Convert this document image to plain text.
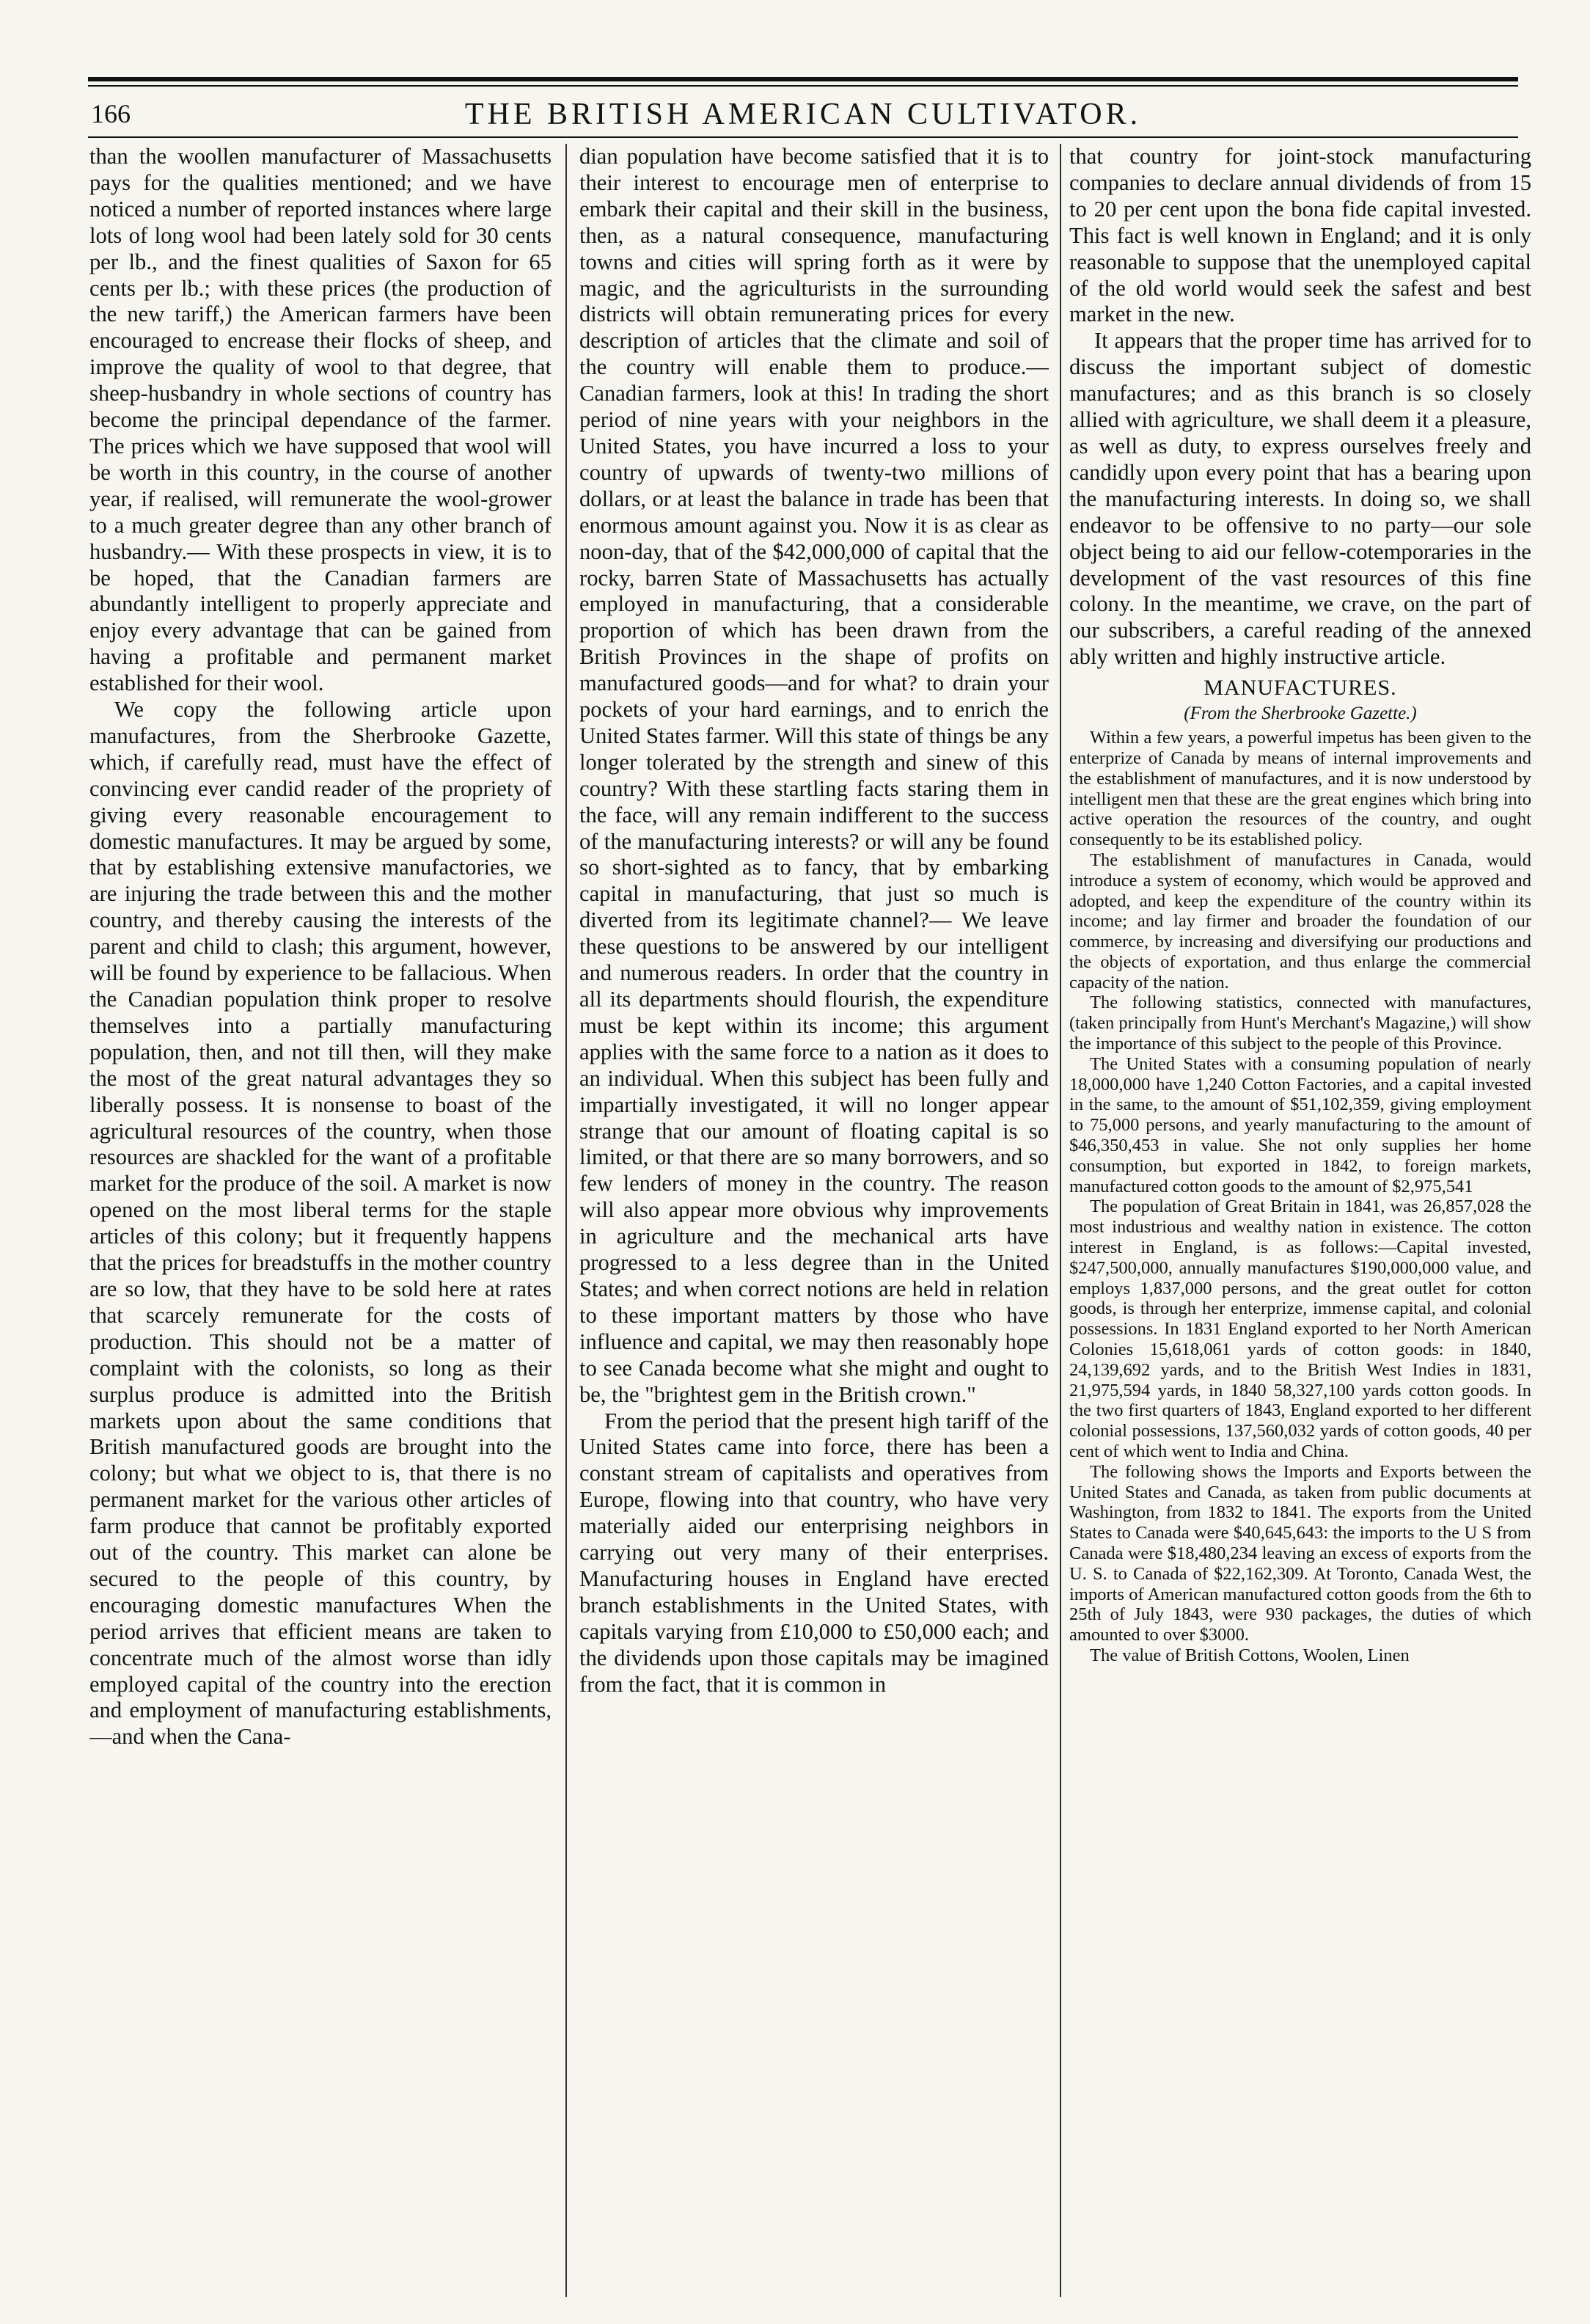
166	THE BRITISH AMERICAN CULTIVATOR.

than the woollen manufacturer of Massachusetts pays for the qualities mentioned; and we have noticed a number of reported instances where large lots of long wool had been lately sold for 30 cents per lb., and the finest qualities of Saxon for 65 cents per lb.; with these prices (the production of the new tariff,) the American farmers have been encouraged to encrease their flocks of sheep, and improve the quality of wool to that degree, that sheep-husbandry in whole sections of country has become the principal dependance of the farmer. The prices which we have supposed that wool will be worth in this country, in the course of another year, if realised, will remunerate the wool-grower to a much greater degree than any other branch of husbandry.— With these prospects in view, it is to be hoped, that the Canadian farmers are abundantly intelligent to properly appreciate and enjoy every advantage that can be gained from having a profitable and permanent market established for their wool.

We copy the following article upon manufactures, from the Sherbrooke Gazette, which, if carefully read, must have the effect of convincing ever candid reader of the propriety of giving every reasonable encouragement to domestic manufactures. It may be argued by some, that by establishing extensive manufactories, we are injuring the trade between this and the mother country, and thereby causing the interests of the parent and child to clash; this argument, however, will be found by experience to be fallacious. When the Canadian population think proper to resolve themselves into a partially manufacturing population, then, and not till then, will they make the most of the great natural advantages they so liberally possess. It is nonsense to boast of the agricultural resources of the country, when those resources are shackled for the want of a profitable market for the produce of the soil. A market is now opened on the most liberal terms for the staple articles of this colony; but it frequently happens that the prices for breadstuffs in the mother country are so low, that they have to be sold here at rates that scarcely remunerate for the costs of production. This should not be a matter of complaint with the colonists, so long as their surplus produce is admitted into the British markets upon about the same conditions that British manufactured goods are brought into the colony; but what we object to is, that there is no permanent market for the various other articles of farm produce that cannot be profitably exported out of the country. This market can alone be secured to the people of this country, by encouraging domestic manufactures When the period arrives that efficient means are taken to concentrate much of the almost worse than idly employed capital of the country into the erection and employment of manufacturing establishments,—and when the Cana-

dian population have become satisfied that it is to their interest to encourage men of enterprise to embark their capital and their skill in the business, then, as a natural consequence, manufacturing towns and cities will spring forth as it were by magic, and the agriculturists in the surrounding districts will obtain remunerating prices for every description of articles that the climate and soil of the country will enable them to produce.— Canadian farmers, look at this! In trading the short period of nine years with your neighbors in the United States, you have incurred a loss to your country of upwards of twenty-two millions of dollars, or at least the balance in trade has been that enormous amount against you. Now it is as clear as noon-day, that of the $42,000,000 of capital that the rocky, barren State of Massachusetts has actually employed in manufacturing, that a considerable proportion of which has been drawn from the British Provinces in the shape of profits on manufactured goods—and for what? to drain your pockets of your hard earnings, and to enrich the United States farmer. Will this state of things be any longer tolerated by the strength and sinew of this country? With these startling facts staring them in the face, will any remain indifferent to the success of the manufacturing interests? or will any be found so short-sighted as to fancy, that by embarking capital in manufacturing, that just so much is diverted from its legitimate channel?— We leave these questions to be answered by our intelligent and numerous readers. In order that the country in all its departments should flourish, the expenditure must be kept within its income; this argument applies with the same force to a nation as it does to an individual. When this subject has been fully and impartially investigated, it will no longer appear strange that our amount of floating capital is so limited, or that there are so many borrowers, and so few lenders of money in the country. The reason will also appear more obvious why improvements in agriculture and the mechanical arts have progressed to a less degree than in the United States; and when correct notions are held in relation to these important matters by those who have influence and capital, we may then reasonably hope to see Canada become what she might and ought to be, the "brightest gem in the British crown."

From the period that the present high tariff of the United States came into force, there has been a constant stream of capitalists and operatives from Europe, flowing into that country, who have very materially aided our enterprising neighbors in carrying out very many of their enterprises. Manufacturing houses in England have erected branch establishments in the United States, with capitals varying from £10,000 to £50,000 each; and the dividends upon those capitals may be imagined from the fact, that it is common in

that country for joint-stock manufacturing companies to declare annual dividends of from 15 to 20 per cent upon the bona fide capital invested. This fact is well known in England; and it is only reasonable to suppose that the unemployed capital of the old world would seek the safest and best market in the new.

It appears that the proper time has arrived for to discuss the important subject of domestic manufactures; and as this branch is so closely allied with agriculture, we shall deem it a pleasure, as well as duty, to express ourselves freely and candidly upon every point that has a bearing upon the manufacturing interests. In doing so, we shall endeavor to be offensive to no party—our sole object being to aid our fellow-cotemporaries in the development of the vast resources of this fine colony. In the meantime, we crave, on the part of our subscribers, a careful reading of the annexed ably written and highly instructive article.

MANUFACTURES.
(From the Sherbrooke Gazette.)

Within a few years, a powerful impetus has been given to the enterprize of Canada by means of internal improvements and the establishment of manufactures, and it is now understood by intelligent men that these are the great engines which bring into active operation the resources of the country, and ought consequently to be its established policy.

The establishment of manufactures in Canada, would introduce a system of economy, which would be approved and adopted, and keep the expenditure of the country within its income; and lay firmer and broader the foundation of our commerce, by increasing and diversifying our productions and the objects of exportation, and thus enlarge the commercial capacity of the nation.

The following statistics, connected with manufactures, (taken principally from Hunt's Merchant's Magazine,) will show the importance of this subject to the people of this Province.

The United States with a consuming population of nearly 18,000,000 have 1,240 Cotton Factories, and a capital invested in the same, to the amount of $51,102,359, giving employment to 75,000 persons, and yearly manufacturing to the amount of $46,350,453 in value. She not only supplies her home consumption, but exported in 1842, to foreign markets, manufactured cotton goods to the amount of $2,975,541

The population of Great Britain in 1841, was 26,857,028 the most industrious and wealthy nation in existence. The cotton interest in England, is as follows:—Capital invested, $247,500,000, annually manufactures $190,000,000 value, and employs 1,837,000 persons, and the great outlet for cotton goods, is through her enterprize, immense capital, and colonial possessions. In 1831 England exported to her North American Colonies 15,618,061 yards of cotton goods: in 1840, 24,139,692 yards, and to the British West Indies in 1831, 21,975,594 yards, in 1840 58,327,100 yards cotton goods. In the two first quarters of 1843, England exported to her different colonial possessions, 137,560,032 yards of cotton goods, 40 per cent of which went to India and China.

The following shows the Imports and Exports between the United States and Canada, as taken from public documents at Washington, from 1832 to 1841. The exports from the United States to Canada were $40,645,643: the imports to the U S from Canada were $18,480,234 leaving an excess of exports from the U. S. to Canada of $22,162,309. At Toronto, Canada West, the imports of American manufactured cotton goods from the 6th to 25th of July 1843, were 930 packages, the duties of which amounted to over $3000.

The value of British Cottons, Woolen, Linen
